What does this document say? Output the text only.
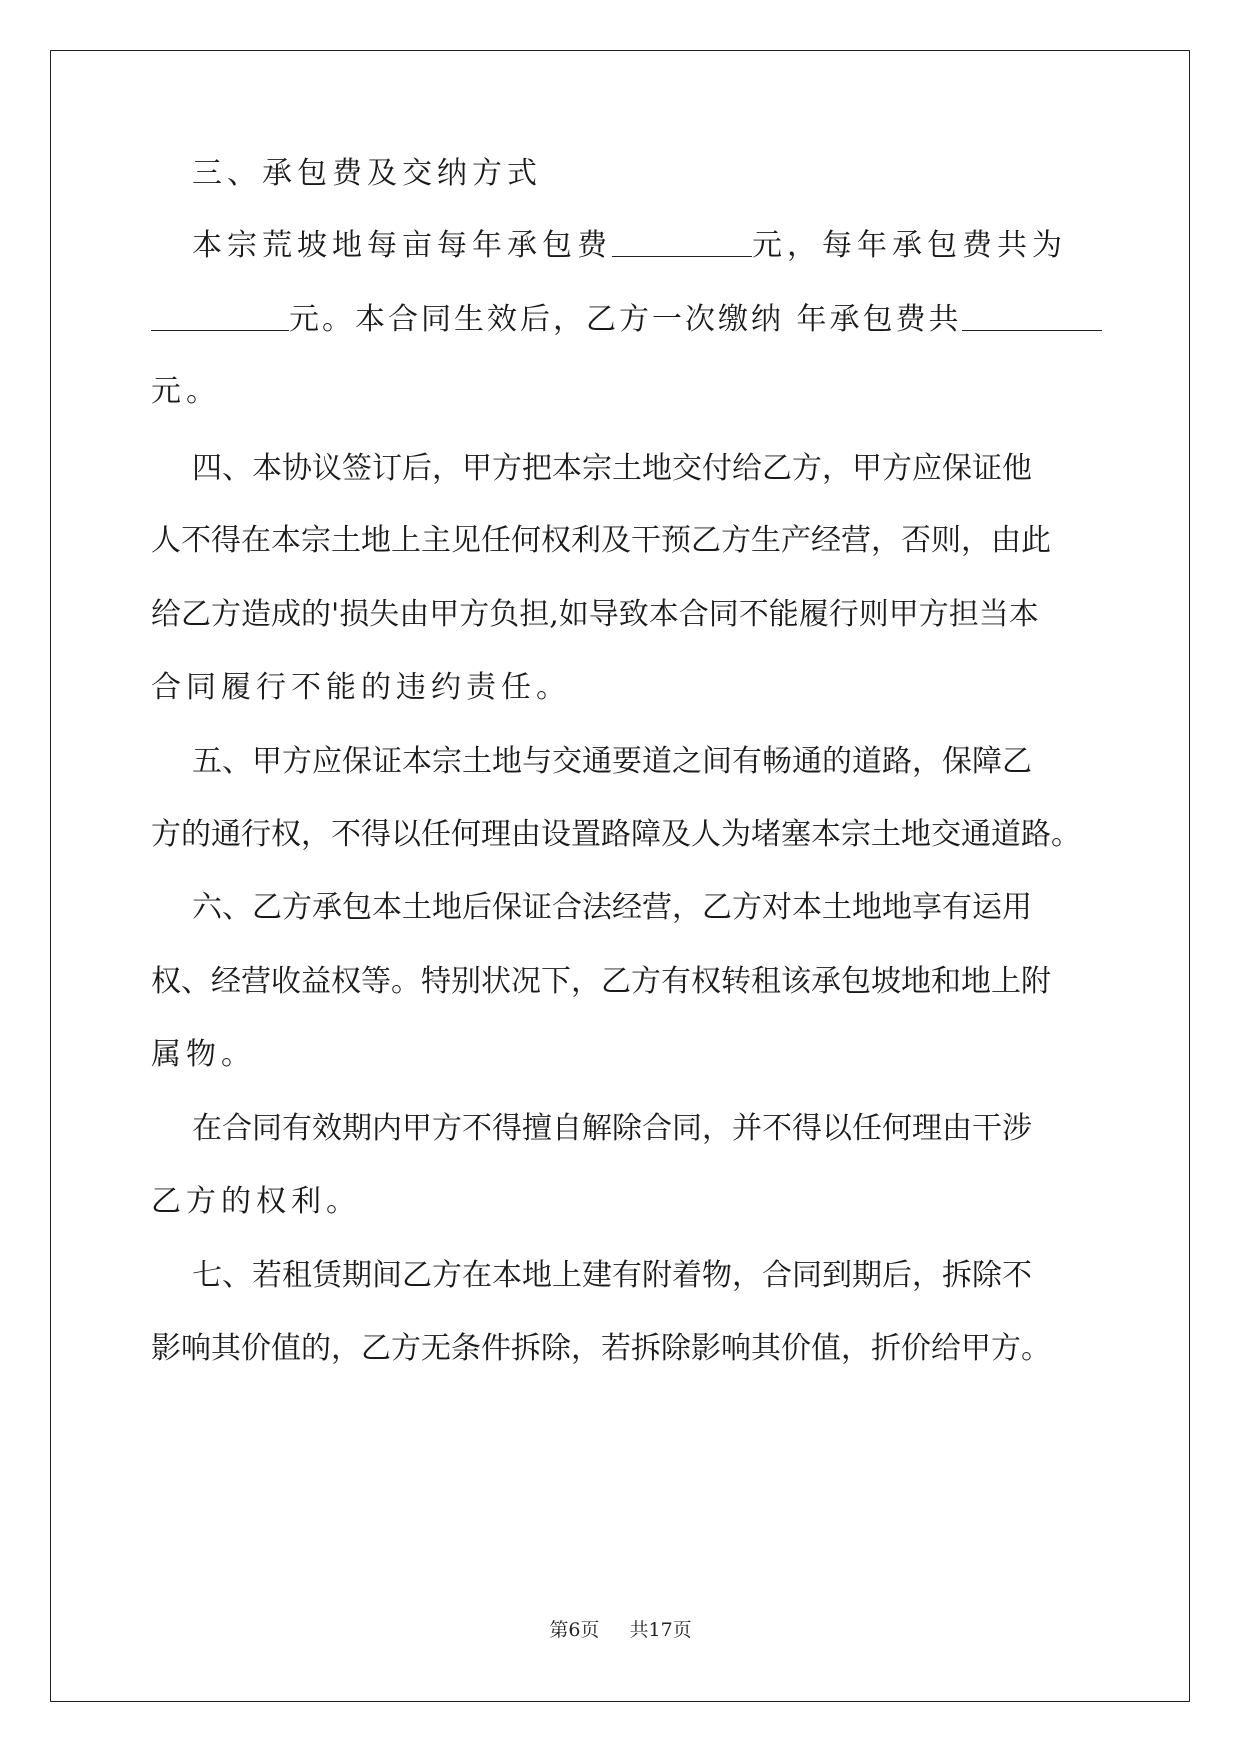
三、承包费及交纳方式
本宗荒坡地每亩每年承包费	元，每年承包费共为
元。本合同生效后，乙方一次缴纳 年承包费共
元。
四、本协议签订后，甲方把本宗土地交付给乙方，甲方应保证他
人不得在本宗土地上主见任何权利及干预乙方生产经营，否则，由此
给乙方造成的'损失由甲方负担,如导致本合同不能履行则甲方担当本
合同履行不能的违约责任。
五、甲方应保证本宗土地与交通要道之间有畅通的道路，保障乙
方的通行权，不得以任何理由设置路障及人为堵塞本宗土地交通道路。
六、乙方承包本土地后保证合法经营，乙方对本土地地享有运用
权、经营收益权等。特别状况下，乙方有权转租该承包坡地和地上附
属物。
在合同有效期内甲方不得擅自解除合同，并不得以任何理由干涉
乙方的权利。
七、若租赁期间乙方在本地上建有附着物，合同到期后，拆除不
影响其价值的，乙方无条件拆除，若拆除影响其价值，折价给甲方。
第6页 共17页
